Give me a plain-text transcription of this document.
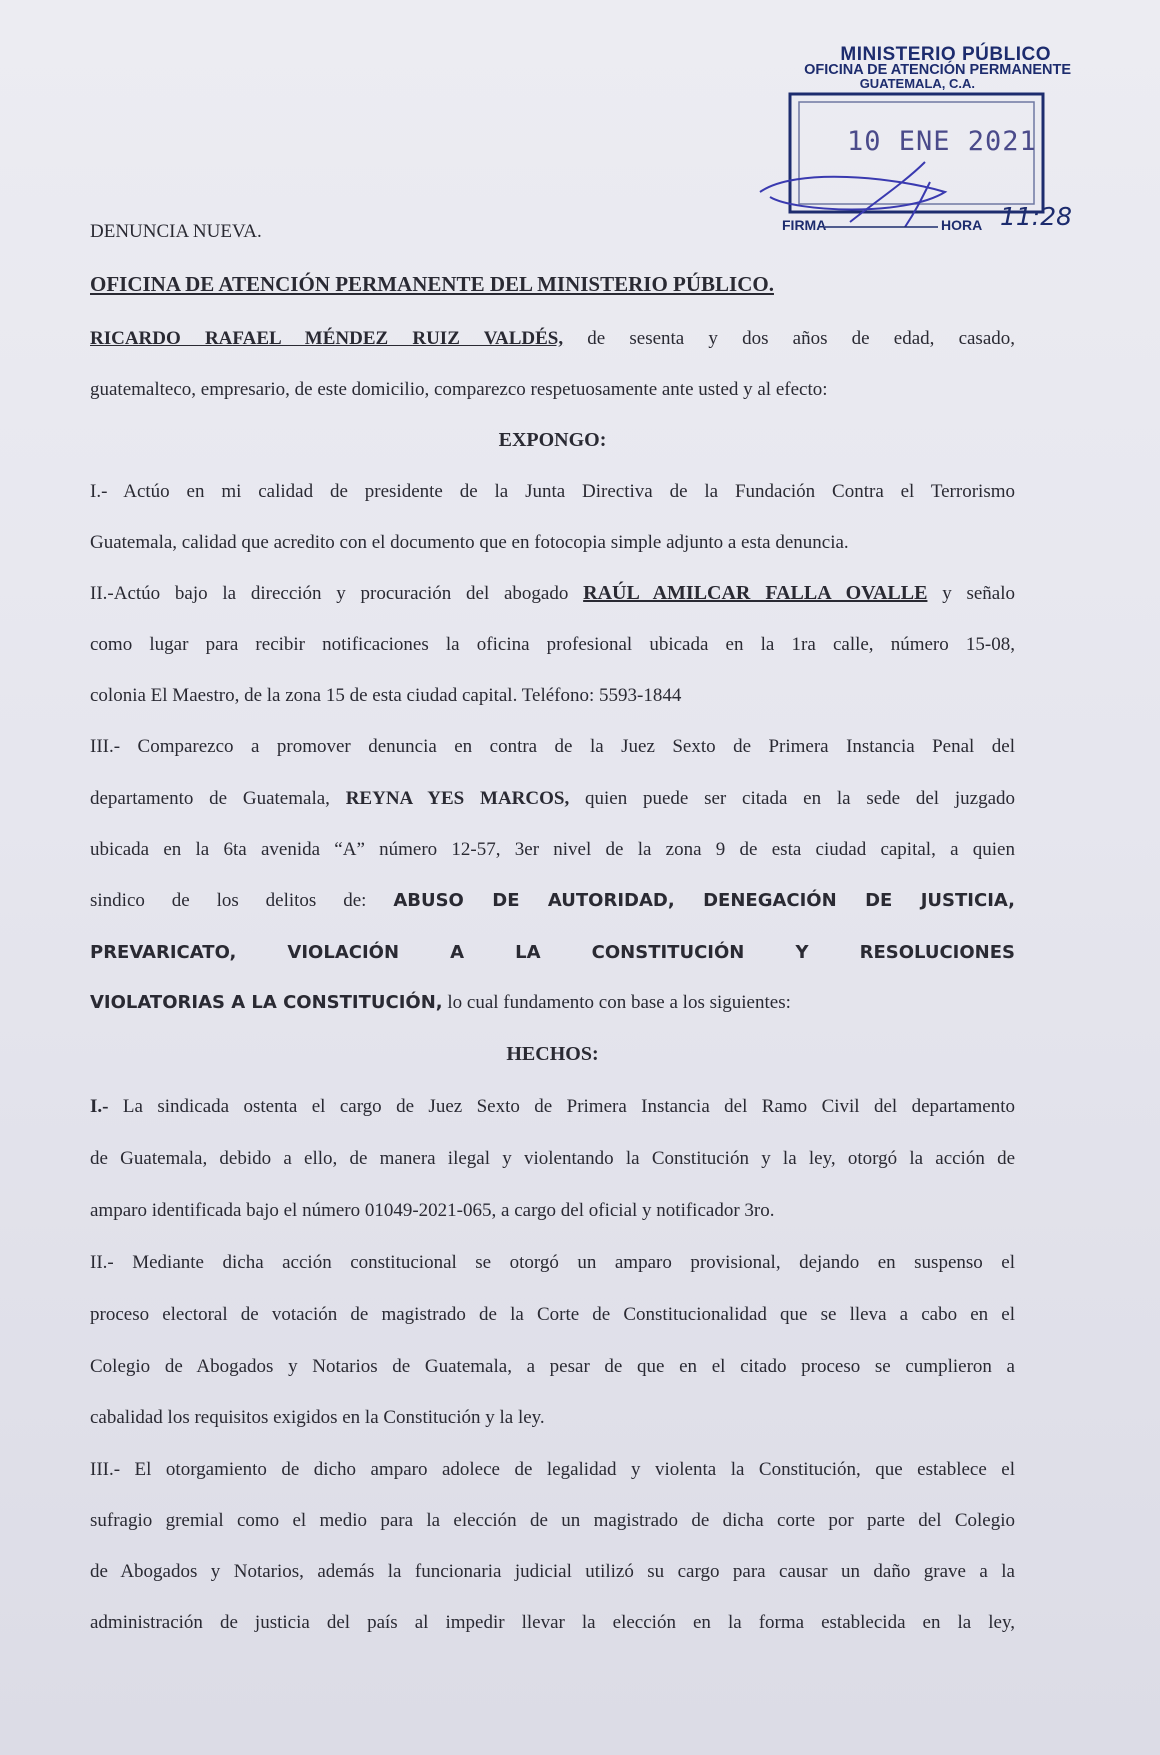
MINISTERIO PÚBLICO
OFICINA DE ATENCIÓN PERMANENTE
GUATEMALA, C.A.
10 ENE 2021
FIRMA	HORA 11:28
DENUNCIA NUEVA.
OFICINA DE ATENCIÓN PERMANENTE DEL MINISTERIO PÚBLICO.
RICARDO RAFAEL MÉNDEZ RUIZ VALDÉS, de sesenta y dos años de edad, casado,
guatemalteco, empresario, de este domicilio, comparezco respetuosamente ante usted y al efecto:
EXPONGO:
I.- Actúo en mi calidad de presidente de la Junta Directiva de la Fundación Contra el Terrorismo
Guatemala, calidad que acredito con el documento que en fotocopia simple adjunto a esta denuncia.
II.-Actúo bajo la dirección y procuración del abogado RAÚL AMILCAR FALLA OVALLE y señalo
como lugar para recibir notificaciones la oficina profesional ubicada en la 1ra calle, número 15-08,
colonia El Maestro, de la zona 15 de esta ciudad capital. Teléfono: 5593-1844
III.- Comparezco a promover denuncia en contra de la Juez Sexto de Primera Instancia Penal del
departamento de Guatemala, REYNA YES MARCOS, quien puede ser citada en la sede del juzgado
ubicada en la 6ta avenida “A” número 12-57, 3er nivel de la zona 9 de esta ciudad capital, a quien
sindico de los delitos de: ABUSO DE AUTORIDAD, DENEGACIÓN DE JUSTICIA,
PREVARICATO, VIOLACIÓN A LA CONSTITUCIÓN Y RESOLUCIONES
VIOLATORIAS A LA CONSTITUCIÓN, lo cual fundamento con base a los siguientes:
HECHOS:
I.- La sindicada ostenta el cargo de Juez Sexto de Primera Instancia del Ramo Civil del departamento
de Guatemala, debido a ello, de manera ilegal y violentando la Constitución y la ley, otorgó la acción de
amparo identificada bajo el número 01049-2021-065, a cargo del oficial y notificador 3ro.
II.- Mediante dicha acción constitucional se otorgó un amparo provisional, dejando en suspenso el
proceso electoral de votación de magistrado de la Corte de Constitucionalidad que se lleva a cabo en el
Colegio de Abogados y Notarios de Guatemala, a pesar de que en el citado proceso se cumplieron a
cabalidad los requisitos exigidos en la Constitución y la ley.
III.- El otorgamiento de dicho amparo adolece de legalidad y violenta la Constitución, que establece el
sufragio gremial como el medio para la elección de un magistrado de dicha corte por parte del Colegio
de Abogados y Notarios, además la funcionaria judicial utilizó su cargo para causar un daño grave a la
administración de justicia del país al impedir llevar la elección en la forma establecida en la ley,
